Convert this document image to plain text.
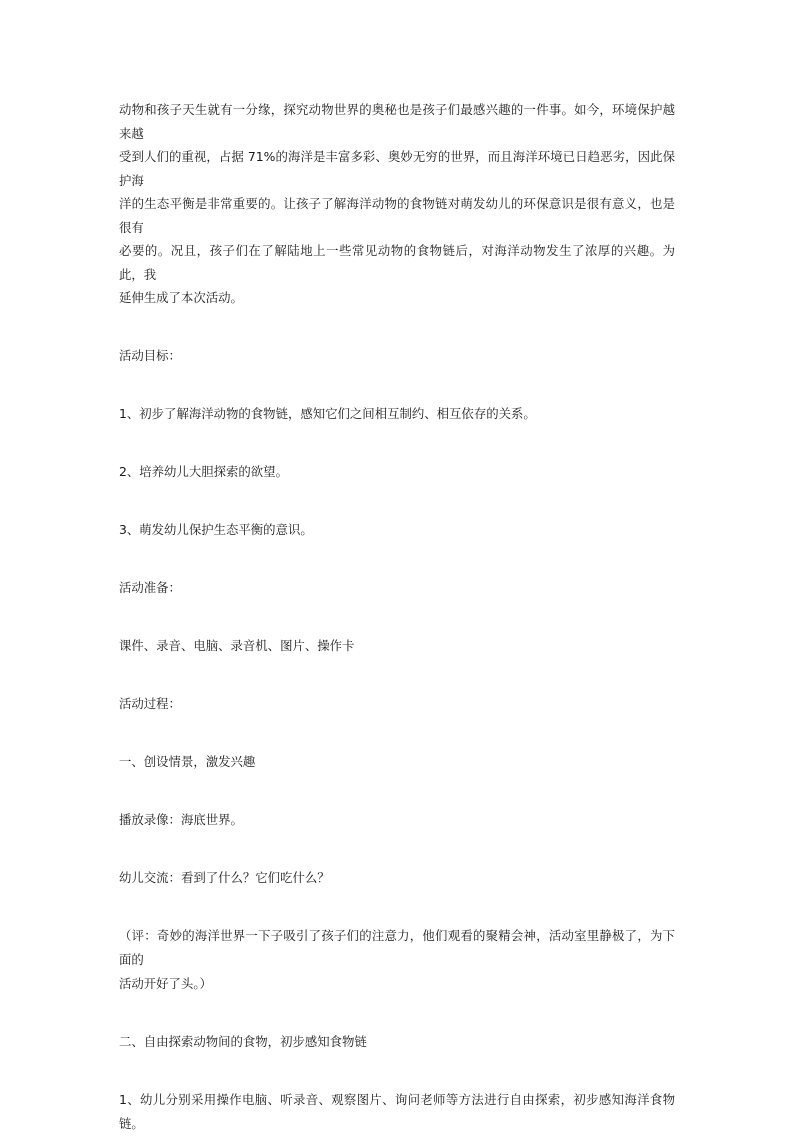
动物和孩子天生就有一分缘，探究动物世界的奥秘也是孩子们最感兴趣的一件事。如今，环境保护越来越

受到人们的重视，占据 71%的海洋是丰富多彩、奥妙无穷的世界，而且海洋环境已日趋恶劣，因此保护海

洋的生态平衡是非常重要的。让孩子了解海洋动物的食物链对萌发幼儿的环保意识是很有意义，也是很有

必要的。况且，孩子们在了解陆地上一些常见动物的食物链后，对海洋动物发生了浓厚的兴趣。为此，我

延伸生成了本次活动。

活动目标：

1、初步了解海洋动物的食物链，感知它们之间相互制约、相互依存的关系。

2、培养幼儿大胆探索的欲望。

3、萌发幼儿保护生态平衡的意识。

活动准备：

课件、录音、电脑、录音机、图片、操作卡

活动过程：

一、创设情景，激发兴趣

播放录像：海底世界。

幼儿交流：看到了什么？它们吃什么？

（评：奇妙的海洋世界一下子吸引了孩子们的注意力，他们观看的聚精会神，活动室里静极了，为下面的

活动开好了头。）

二、自由探索动物间的食物，初步感知食物链

1、幼儿分别采用操作电脑、听录音、观察图片、询问老师等方法进行自由探索，初步感知海洋食物链。
